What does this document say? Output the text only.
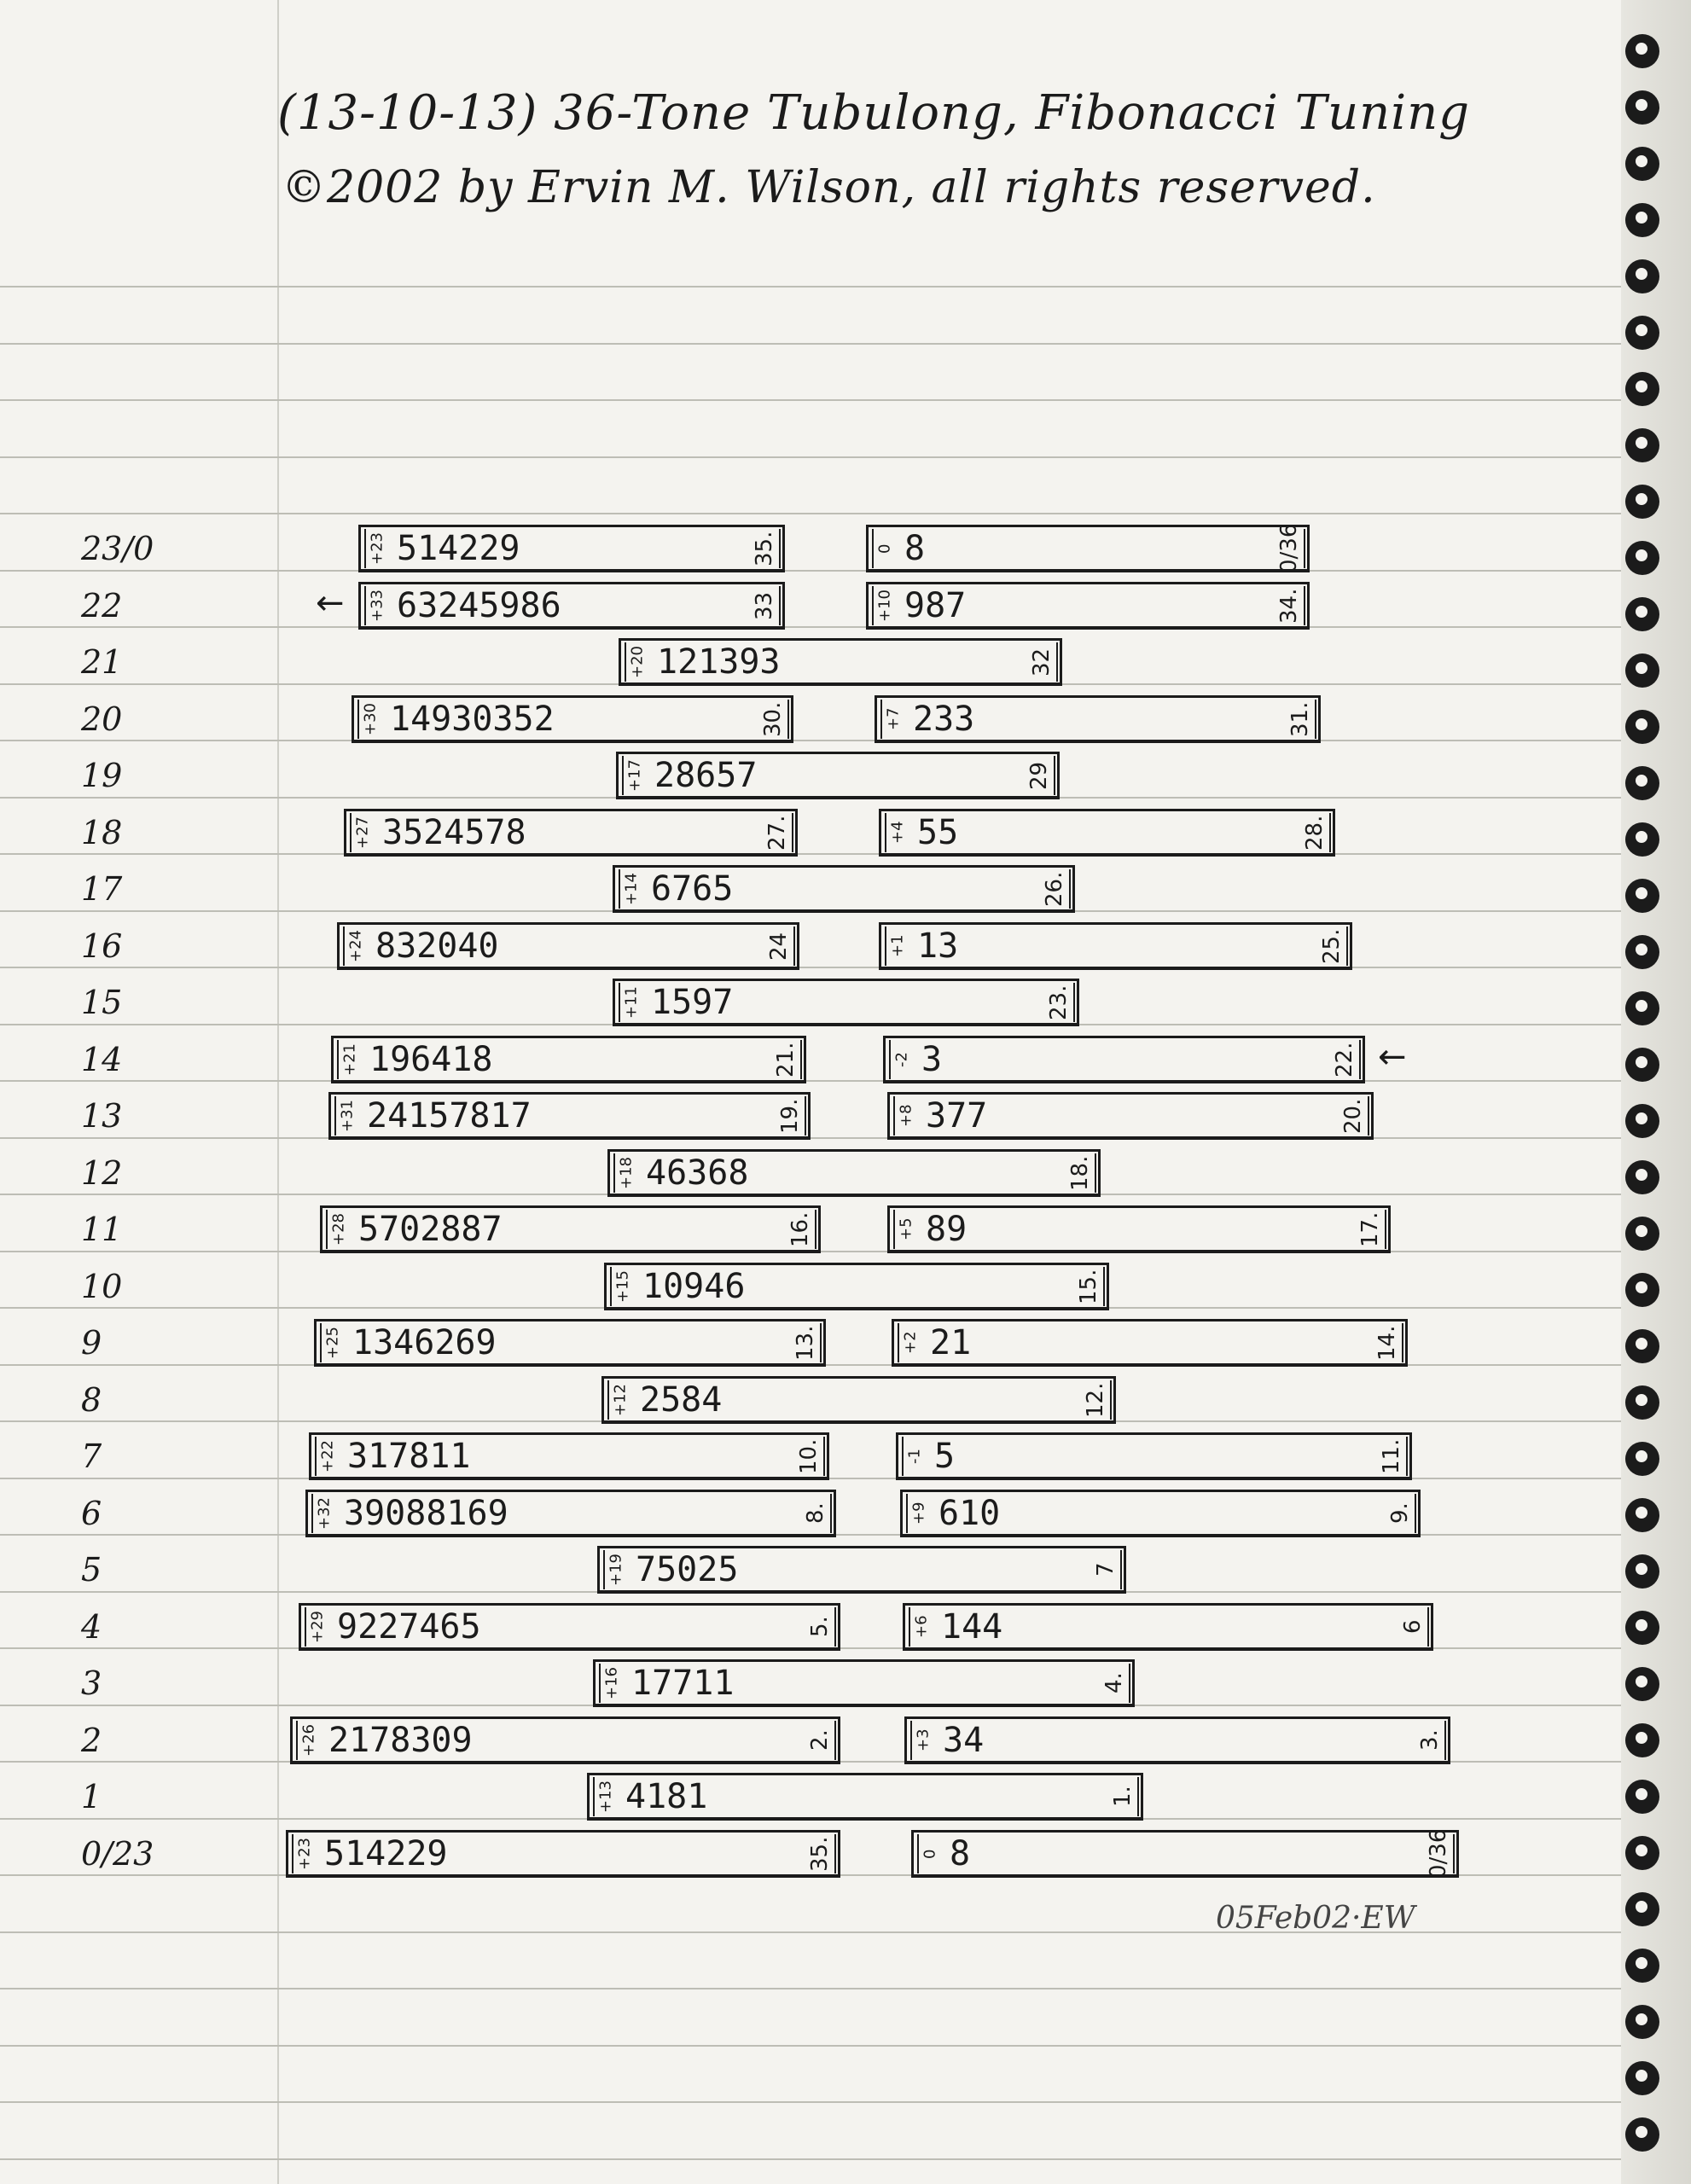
(13-10-13) 36-Tone Tubulong, Fibonacci Tuning
©2002 by Ervin M. Wilson, all rights reserved.
23/0	+23 514229	35.	0 8	0/36
22	+33 63245986	33	+10 987	34.
←
21	+20 121393	32
20	+30 14930352	30.	+7 233	31.
19	+17 28657	29
18	+27 3524578	27.	+4 55	28.
17	+14 6765	26.
16	+24 832040	24	+1 13	25.
15	+11 1597	23.
14	+21 196418	21.	-2 3	22. ←
13	+31 24157817	19.	+8 377	20.
12	+18 46368	18.
11	+28 5702887	16.	+5 89	17.
10	+15 10946	15.
9	+25 1346269	13.	+2 21	14.
8	+12 2584	12.
7	+22 317811	10.	-1 5	11.
6	+32 39088169	8.	+9 610	9.
5	+19 75025	7
4	+29 9227465	5.	+6 144	6
3	+16 17711	4.
2	+26 2178309	2.	+3 34	3.
1	+13 4181	1.
0/23	+23 514229	35.	0 8	0/36
05Feb02·EW
